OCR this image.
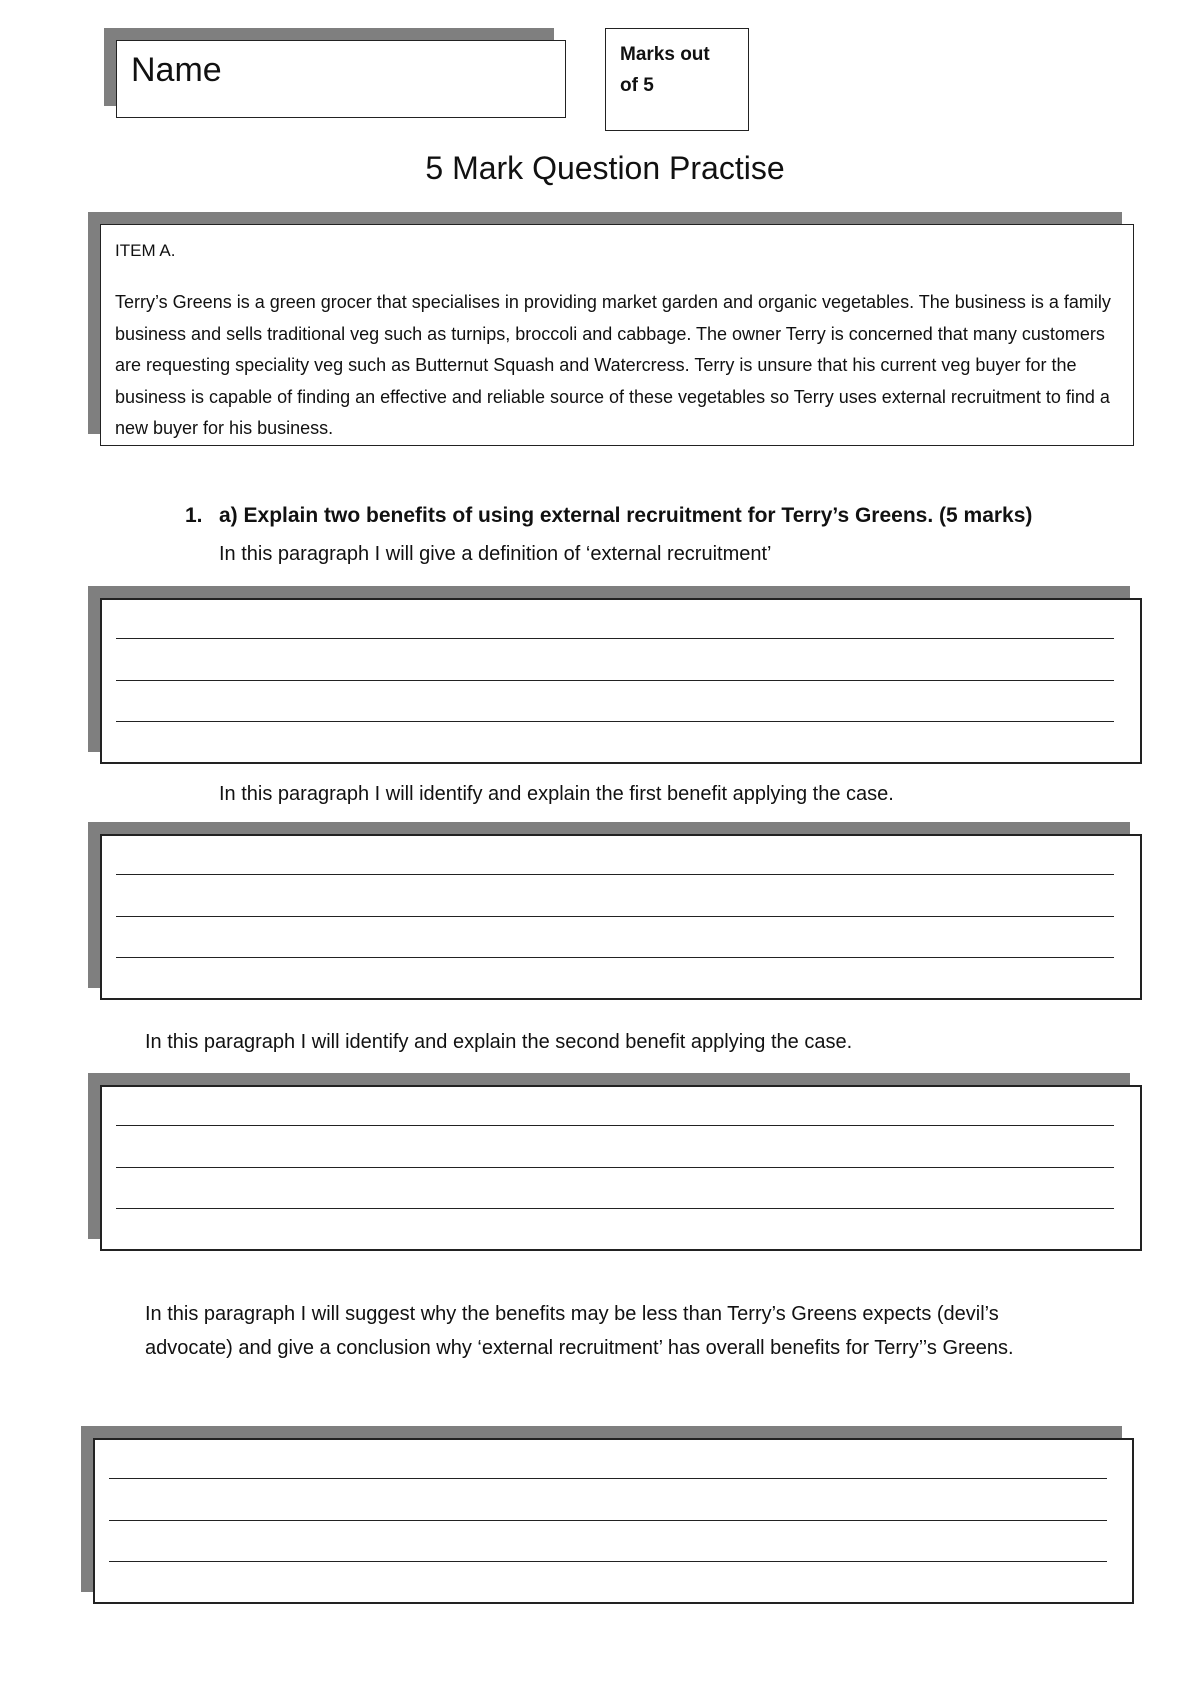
Name	Marks out
of 5
5 Mark Question Practise
ITEM A.

Terry’s Greens is a green grocer that specialises in providing market garden and organic vegetables. The business is a family business and sells traditional veg such as turnips, broccoli and cabbage. The owner Terry is concerned that many customers are requesting speciality veg such as Butternut Squash and Watercress. Terry is unsure that his current veg buyer for the business is capable of finding an effective and reliable source of these vegetables so Terry uses external recruitment to find a new buyer for his business.

1. a) Explain two benefits of using external recruitment for Terry’s Greens. (5 marks)
In this paragraph I will give a definition of ‘external recruitment’
In this paragraph I will identify and explain the first benefit applying the case.
In this paragraph I will identify and explain the second benefit applying the case.
In this paragraph I will suggest why the benefits may be less than Terry’s Greens expects (devil’s advocate) and give a conclusion why ‘external recruitment’ has overall benefits for Terry’’s Greens.
